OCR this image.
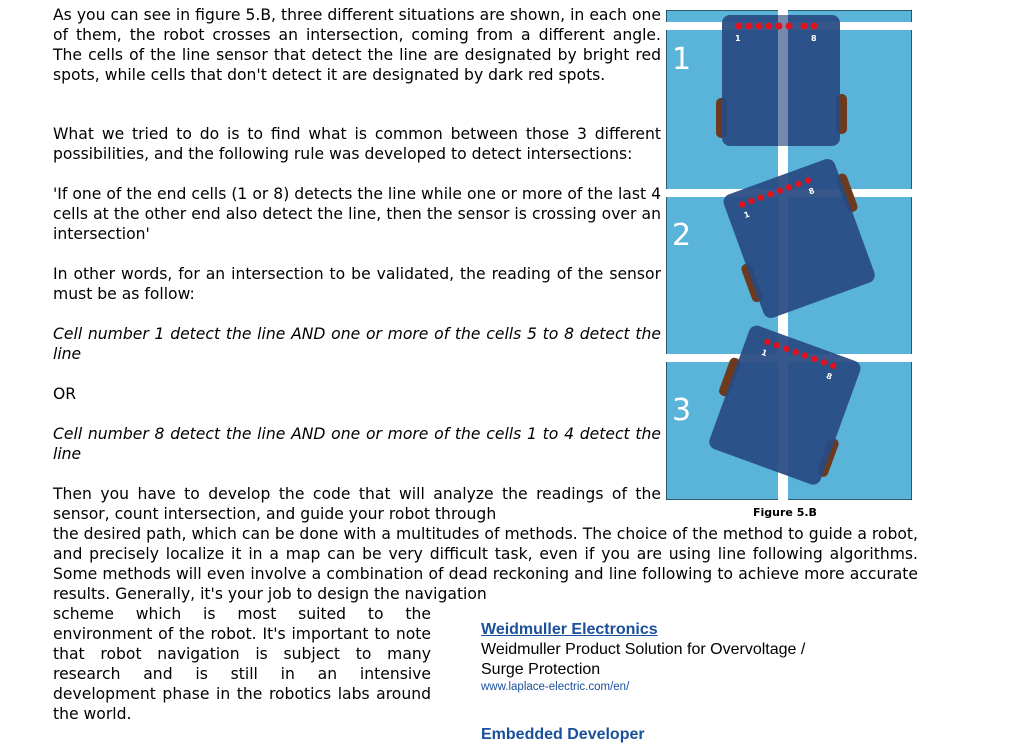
As you can see in figure 5.B, three different situations are shown, in each one of them, the robot crosses an intersection, coming from a different angle. The cells of the line sensor that detect the line are designated by bright red spots, while cells that don't detect it are designated by dark red spots.

What we tried to do is to find what is common between those 3 different possibilities, and the following rule was developed to detect intersections:

'If one of the end cells (1 or 8) detects the line while one or more of the last 4 cells at the other end also detect the line, then the sensor is crossing over an intersection'

In other words, for an intersection to be validated, the reading of the sensor must be as follow:

Cell number 1 detect the line AND one or more of the cells 5 to 8 detect the line

OR

Cell number 8 detect the line AND one or more of the cells 1 to 4 detect the line

Then you have to develop the code that will analyze the readings of the sensor, count intersection, and guide your robot through

the desired path, which can be done with a multitudes of methods. The choice of the method to guide a robot, and precisely localize it in a map can be very difficult task, even if you are using line following algorithms. Some methods will even involve a combination of dead reckoning and line following to achieve more accurate results. Generally, it's your job to design the navigation

scheme which is most suited to the environment of the robot. It's important to note that robot navigation is subject to many research and is still in an intensive development phase in the robotics labs around the world.

1	8
1
8
1
8
1
2
3
Figure 5.B
Weidmuller Electronics
Weidmuller Product Solution for Overvoltage /
Surge Protection
www.laplace-electric.com/en/
Embedded Developer
